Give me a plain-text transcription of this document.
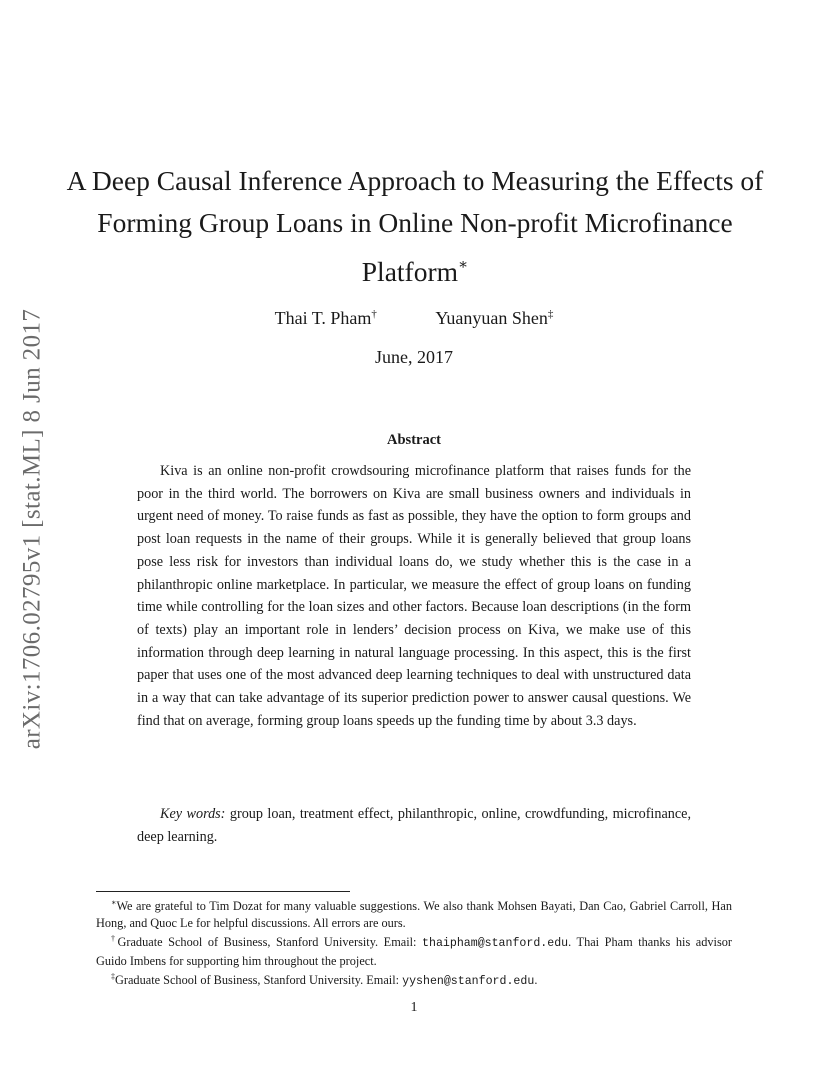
arXiv:1706.02795v1 [stat.ML] 8 Jun 2017
A Deep Causal Inference Approach to Measuring the Effects of Forming Group Loans in Online Non-profit Microfinance Platform∗
Thai T. Pham†	Yuanyuan Shen‡
June, 2017
Abstract

Kiva is an online non-profit crowdsouring microfinance platform that raises funds for the poor in the third world. The borrowers on Kiva are small business owners and individuals in urgent need of money. To raise funds as fast as possible, they have the option to form groups and post loan requests in the name of their groups. While it is generally believed that group loans pose less risk for investors than individual loans do, we study whether this is the case in a philanthropic online marketplace. In particular, we measure the effect of group loans on funding time while controlling for the loan sizes and other factors. Because loan descriptions (in the form of texts) play an important role in lenders’ decision process on Kiva, we make use of this information through deep learning in natural language processing. In this aspect, this is the first paper that uses one of the most advanced deep learning techniques to deal with unstructured data in a way that can take advantage of its superior prediction power to answer causal questions. We find that on average, forming group loans speeds up the funding time by about 3.3 days.

Key words: group loan, treatment effect, philanthropic, online, crowdfunding, microfinance, deep learning.

∗We are grateful to Tim Dozat for many valuable suggestions. We also thank Mohsen Bayati, Dan Cao, Gabriel Carroll, Han Hong, and Quoc Le for helpful discussions. All errors are ours.

†Graduate School of Business, Stanford University. Email: thaipham@stanford.edu. Thai Pham thanks his advisor Guido Imbens for supporting him throughout the project.

‡Graduate School of Business, Stanford University. Email: yyshen@stanford.edu.

1
